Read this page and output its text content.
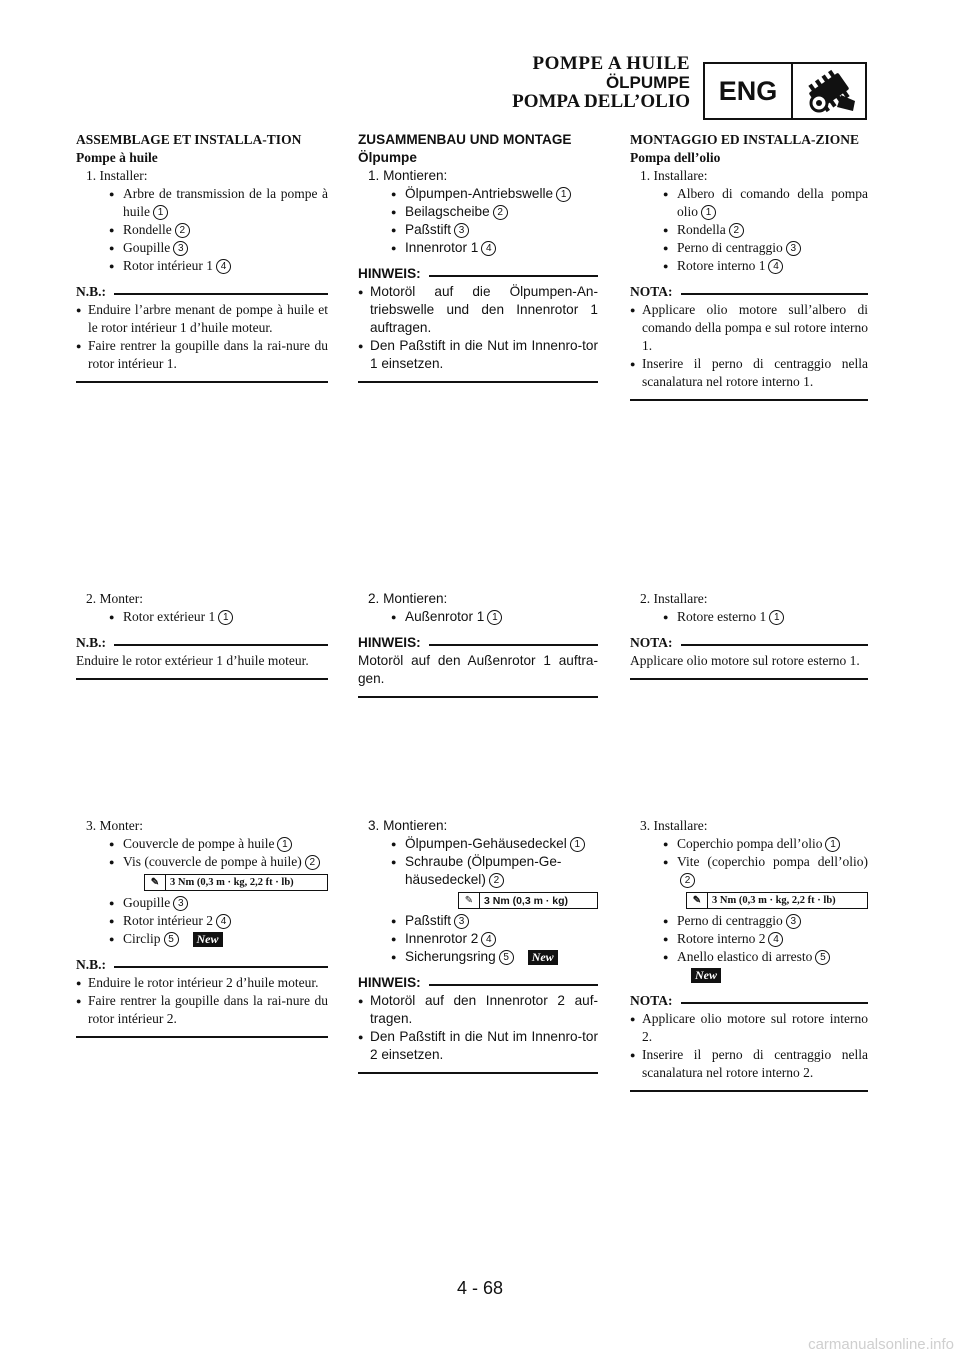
POMPE A HUILE
ÖLPUMPE
POMPA DELL’OLIO	ENG
ASSEMBLAGE ET INSTALLA-TION
Pompe à huile
1. Installer:
● Arbre de transmission de la pompe à huile 1
● Rondelle 2
● Goupille 3
● Rotor intérieur 1 4
N.B.:
● Enduire l’arbre menant de pompe à huile et le rotor intérieur 1 d’huile moteur.
● Faire rentrer la goupille dans la rai-nure du rotor intérieur 1.
2. Monter:
● Rotor extérieur 1 1
N.B.:
Enduire le rotor extérieur 1 d’huile moteur.
3. Monter:
● Couvercle de pompe à huile 1
● Vis (couvercle de pompe à huile) 2
✎	3 Nm (0,3 m · kg, 2,2 ft · lb)
● Goupille 3
● Rotor intérieur 2 4
● Circlip 5 New
N.B.:
● Enduire le rotor intérieur 2 d’huile moteur.
● Faire rentrer la goupille dans la rai-nure du rotor intérieur 2.
ZUSAMMENBAU UND MONTAGE
Ölpumpe
1. Montieren:
● Ölpumpen-Antriebswelle 1
● Beilagscheibe 2
● Paßstift 3
● Innenrotor 1 4
HINWEIS:
● Motoröl auf die Ölpumpen-An-triebswelle und den Innenrotor 1 auftragen.
● Den Paßstift in die Nut im Innenro-tor 1 einsetzen.
2. Montieren:
● Außenrotor 1 1
HINWEIS:
Motoröl auf den Außenrotor 1 auftra-gen.
3. Montieren:
● Ölpumpen-Gehäusedeckel 1
● Schraube (Ölpumpen-Ge-häusedeckel) 2
✎	3 Nm (0,3 m · kg)
● Paßstift 3
● Innenrotor 2 4
● Sicherungsring 5 New
HINWEIS:
● Motoröl auf den Innenrotor 2 auf-tragen.
● Den Paßstift in die Nut im Innenro-tor 2 einsetzen.
MONTAGGIO ED INSTALLA-ZIONE
Pompa dell’olio
1. Installare:
● Albero di comando della pompa olio 1
● Rondella 2
● Perno di centraggio 3
● Rotore interno 1 4
NOTA:
● Applicare olio motore sull’albero di comando della pompa e sul rotore interno 1.
● Inserire il perno di centraggio nella scanalatura nel rotore interno 1.
2. Installare:
● Rotore esterno 1 1
NOTA:
Applicare olio motore sul rotore esterno 1.
3. Installare:
● Coperchio pompa dell’olio 1
● Vite (coperchio pompa dell’olio)2
✎	3 Nm (0,3 m · kg, 2,2 ft · lb)
● Perno di centraggio 3
● Rotore interno 2 4
● Anello elastico di arresto 5
New
NOTA:
● Applicare olio motore sul rotore interno 2.
● Inserire il perno di centraggio nella scanalatura nel rotore interno 2.
4 - 68
carmanualsonline.info
